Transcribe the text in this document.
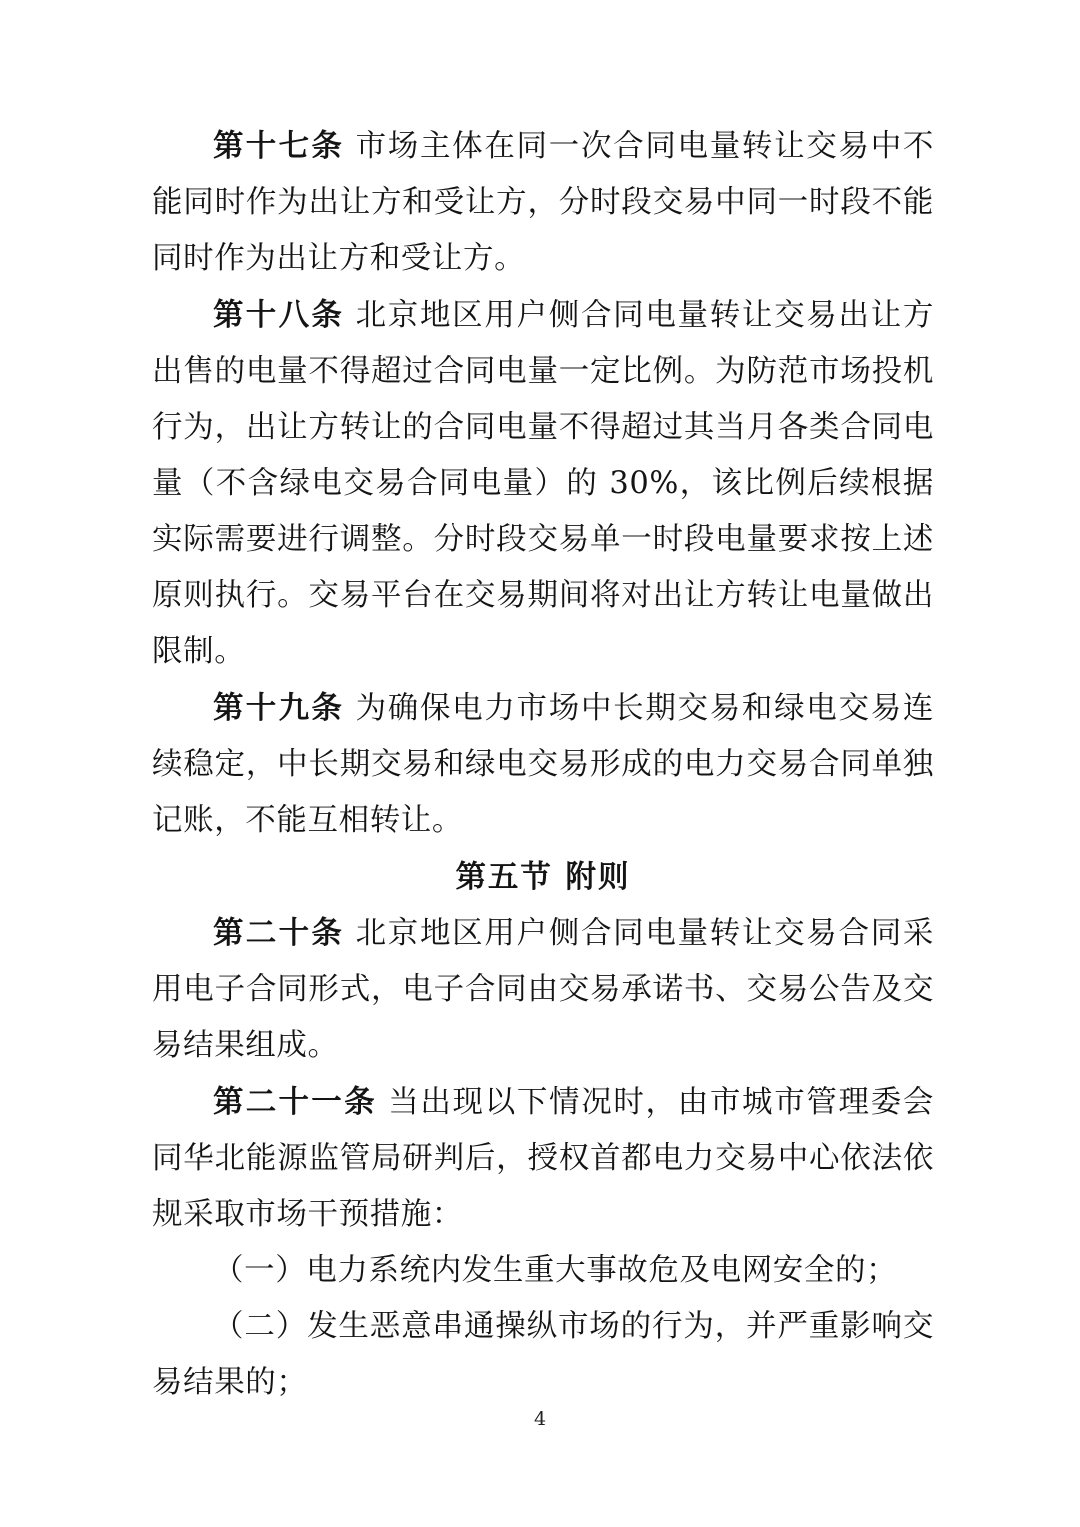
第十七条 市场主体在同一次合同电量转让交易中不能同时作为出让方和受让方，分时段交易中同一时段不能同时作为出让方和受让方。

第十八条 北京地区用户侧合同电量转让交易出让方出售的电量不得超过合同电量一定比例。为防范市场投机行为，出让方转让的合同电量不得超过其当月各类合同电量（不含绿电交易合同电量）的 30%，该比例后续根据实际需要进行调整。分时段交易单一时段电量要求按上述原则执行。交易平台在交易期间将对出让方转让电量做出限制。

第十九条 为确保电力市场中长期交易和绿电交易连续稳定，中长期交易和绿电交易形成的电力交易合同单独记账，不能互相转让。

第五节 附则

第二十条 北京地区用户侧合同电量转让交易合同采用电子合同形式，电子合同由交易承诺书、交易公告及交易结果组成。

第二十一条 当出现以下情况时，由市城市管理委会同华北能源监管局研判后，授权首都电力交易中心依法依规采取市场干预措施：

（一）电力系统内发生重大事故危及电网安全的；

（二）发生恶意串通操纵市场的行为，并严重影响交易结果的；

4
